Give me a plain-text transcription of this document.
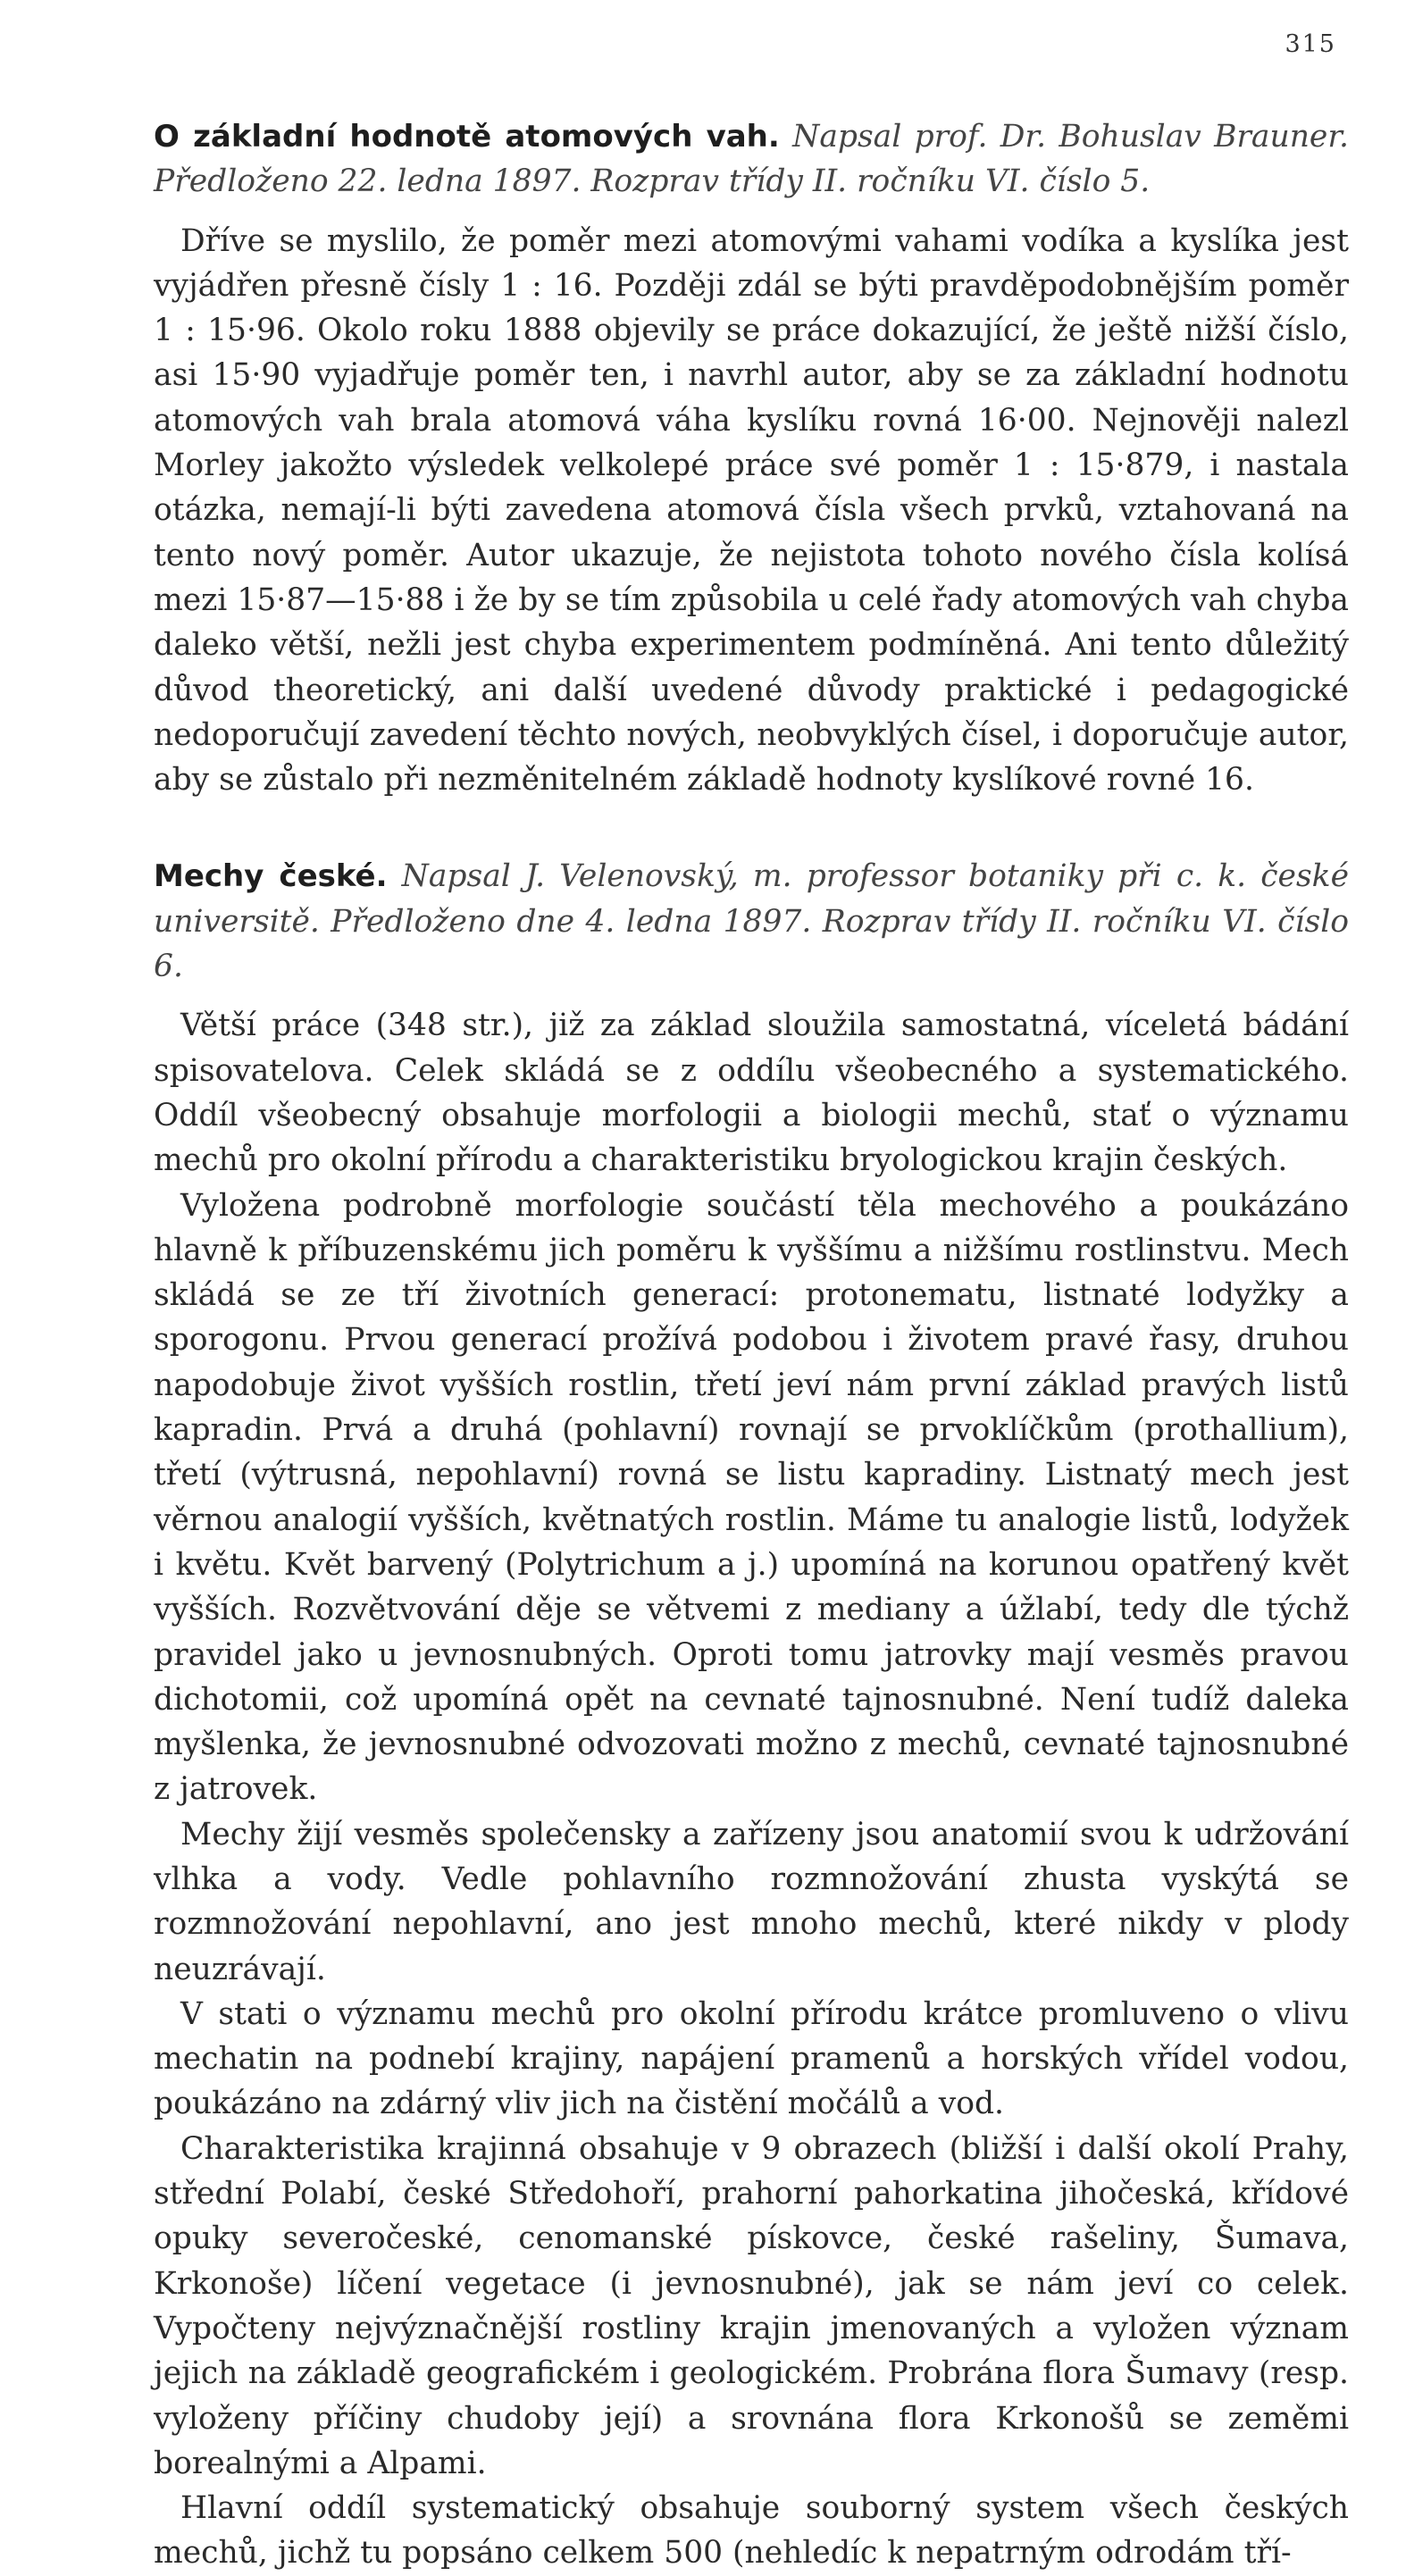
315

O základní hodnotě atomových vah. Napsal prof. Dr. Bohuslav Brauner. Předloženo 22. ledna 1897. Rozprav třídy II. ročníku VI. číslo 5.

Dříve se myslilo, že poměr mezi atomovými vahami vodíka a kyslíka jest vyjádřen přesně čísly 1 : 16. Později zdál se býti pravděpodobnějším poměr 1 : 15·96. Okolo roku 1888 objevily se práce dokazující, že ještě nižší číslo, asi 15·90 vyjadřuje poměr ten, i navrhl autor, aby se za základní hodnotu atomových vah brala atomová váha kyslíku rovná 16·00. Nejnověji nalezl Morley jakožto výsledek velkolepé práce své poměr 1 : 15·879, i nastala otázka, nemají-li býti zavedena atomová čísla všech prvků, vztahovaná na tento nový poměr. Autor ukazuje, že nejistota tohoto nového čísla kolísá mezi 15·87—15·88 i že by se tím způsobila u celé řady atomových vah chyba daleko větší, nežli jest chyba experimentem podmíněná. Ani tento důležitý důvod theoretický, ani další uvedené důvody praktické i pedagogické nedoporučují zavedení těchto nových, neobvyklých čísel, i doporučuje autor, aby se zůstalo při nezměnitelném základě hodnoty kyslíkové rovné 16.

Mechy české. Napsal J. Velenovský, m. professor botaniky při c. k. české universitě. Předloženo dne 4. ledna 1897. Rozprav třídy II. ročníku VI. číslo 6.

Větší práce (348 str.), již za základ sloužila samostatná, víceletá bádání spisovatelova. Celek skládá se z oddílu všeobecného a systematického. Oddíl všeobecný obsahuje morfologii a biologii mechů, stať o významu mechů pro okolní přírodu a charakteristiku bryologickou krajin českých.

Vyložena podrobně morfologie součástí těla mechového a poukázáno hlavně k příbuzenskému jich poměru k vyššímu a nižšímu rostlinstvu. Mech skládá se ze tří životních generací: protonematu, listnaté lodyžky a sporogonu. Prvou generací prožívá podobou i životem pravé řasy, druhou napodobuje život vyšších rostlin, třetí jeví nám první základ pravých listů kapradin. Prvá a druhá (pohlavní) rovnají se prvoklíčkům (prothallium), třetí (výtrusná, nepohlavní) rovná se listu kapradiny. Listnatý mech jest věrnou analogií vyšších, květnatých rostlin. Máme tu analogie listů, lodyžek i květu. Květ barvený (Polytrichum a j.) upomíná na korunou opatřený květ vyšších. Rozvětvování děje se větvemi z mediany a úžlabí, tedy dle týchž pravidel jako u jevnosnubných. Oproti tomu jatrovky mají vesměs pravou dichotomii, což upomíná opět na cevnaté tajnosnubné. Není tudíž daleka myšlenka, že jevnosnubné odvozovati možno z mechů, cevnaté tajnosnubné z jatrovek.

Mechy žijí vesměs společensky a zařízeny jsou anatomií svou k udržování vlhka a vody. Vedle pohlavního rozmnožování zhusta vyskýtá se rozmnožování nepohlavní, ano jest mnoho mechů, které nikdy v plody neuzrávají.

V stati o významu mechů pro okolní přírodu krátce promluveno o vlivu mechatin na podnebí krajiny, napájení pramenů a horských vřídel vodou, poukázáno na zdárný vliv jich na čistění močálů a vod.

Charakteristika krajinná obsahuje v 9 obrazech (bližší i další okolí Prahy, střední Polabí, české Středohoří, prahorní pahorkatina jihočeská, křídové opuky severočeské, cenomanské pískovce, české rašeliny, Šumava, Krkonoše) líčení vegetace (i jevnosnubné), jak se nám jeví co celek. Vypočteny nejvýznačnější rostliny krajin jmenovaných a vyložen význam jejich na základě geografickém i geologickém. Probrána flora Šumavy (resp. vyloženy příčiny chudoby její) a srovnána flora Krkonošů se zeměmi borealnými a Alpami.

Hlavní oddíl systematický obsahuje souborný system všech českých mechů, jichž tu popsáno celkem 500 (nehledíc k nepatrným odrodám tří-
